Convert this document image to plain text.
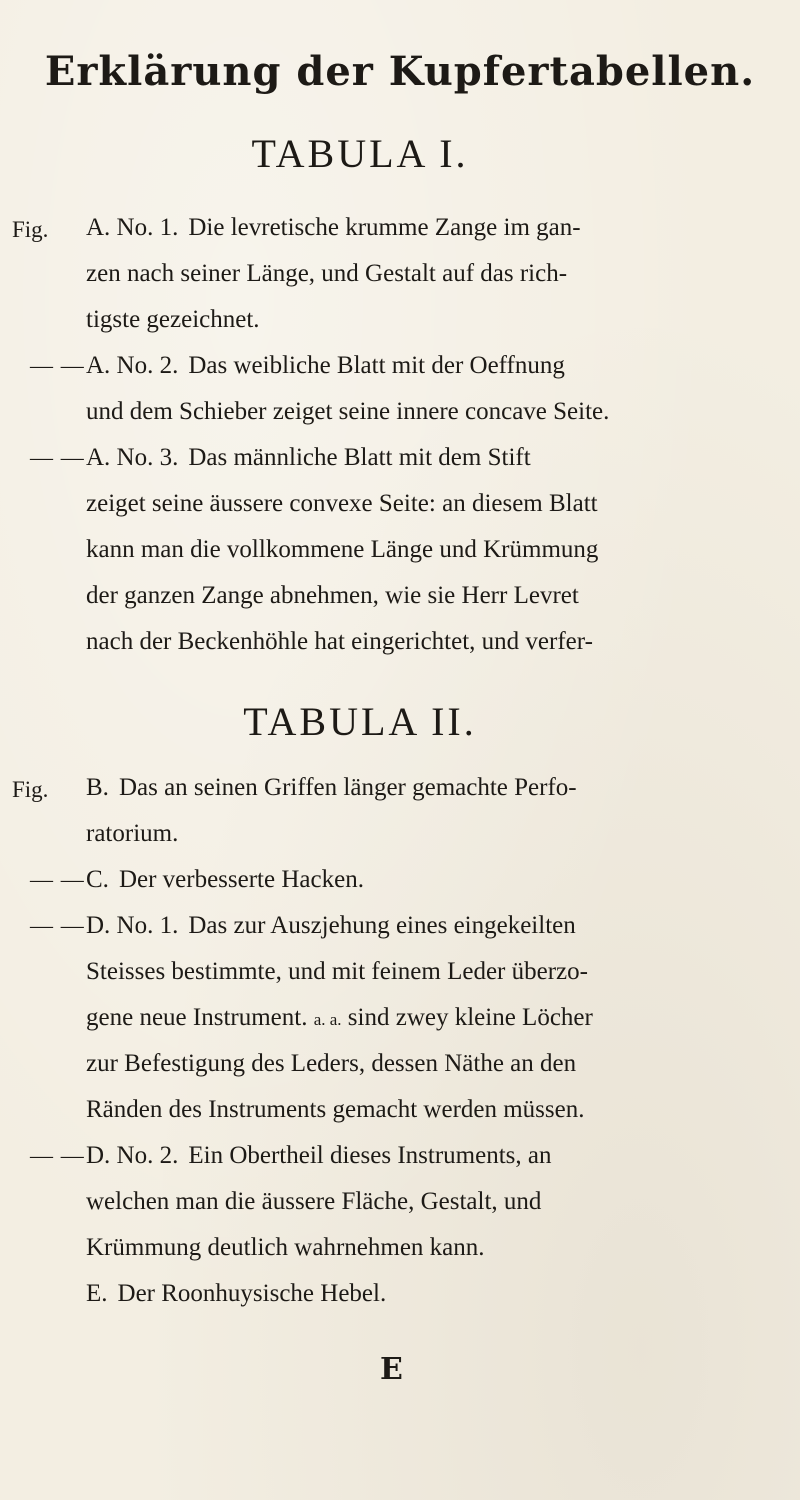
Erklärung der Kupfertabellen.
TABULA I.
Fig. A. No. 1. Die levretische krumme Zange im gan-
zen nach seiner Länge, und Gestalt auf das rich-
tigste gezeichnet.
— — A. No. 2. Das weibliche Blatt mit der Oeffnung
und dem Schieber zeiget seine innere concave Seite.
— — A. No. 3. Das männliche Blatt mit dem Stift
zeiget seine äussere convexe Seite: an diesem Blatt
kann man die vollkommene Länge und Krümmung
der ganzen Zange abnehmen, wie sie Herr Levret
nach der Beckenhöhle hat eingerichtet, und verfer-
TABULA II.
Fig. B. Das an seinen Griffen länger gemachte Perfo-
ratorium.
— — C. Der verbesserte Hacken.
— — D. No. 1. Das zur Auszjehung eines eingekeilten
Steisses bestimmte, und mit feinem Leder überzo-
gene neue Instrument. a. a. sind zwey kleine Löcher
zur Befestigung des Leders, dessen Näthe an den
Ränden des Instruments gemacht werden müssen.
— — D. No. 2. Ein Obertheil dieses Instruments, an
welchen man die äussere Fläche, Gestalt, und
Krümmung deutlich wahrnehmen kann.
E. Der Roonhuysische Hebel.
E
